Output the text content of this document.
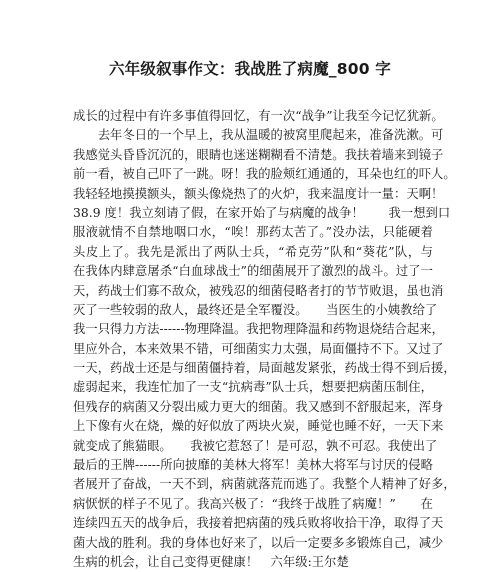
六年级叙事作文：我战胜了病魔_800 字
成长的过程中有许多事值得回忆，有一次“战争”让我至今记忆犹新。
　　去年冬日的一个早上，我从温暖的被窝里爬起来，准备洗漱。可
我感觉头昏昏沉沉的，眼睛也迷迷糊糊看不清楚。我扶着墙来到镜子
前一看，被自己吓了一跳。呀！我的脸颊红通通的，耳朵也红的吓人。
我轻轻地摸摸额头，额头像烧热了的火炉，我来温度计一量：天啊！
38.9 度！我立刻请了假，在家开始了与病魔的战争！　　我一想到口
服液就情不自禁地咽口水，“唉！那药太苦了。”没办法，只能硬着
头皮上了。我先是派出了两队士兵，“希克劳”队和“葵花”队，与
在我体内肆意屠杀“白血球战士”的细菌展开了激烈的战斗。过了一
天，药战士们寡不敌众，被残忍的细菌侵略者打的节节败退，虽也消
灭了一些较弱的敌人，最终还是全军覆没。　　当医生的小姨教给了
我一只得力方法------物理降温。我把物理降温和药物退烧结合起来，
里应外合，本来效果不错，可细菌实力太强，局面僵持不下。又过了
一天，药战士还是与细菌僵持着，局面越发紧张，药战士得不到后援，
虚弱起来，我连忙加了一支“抗病毒”队士兵，想要把病菌压制住，
但残存的病菌又分裂出威力更大的细菌。我又感到不舒服起来，浑身
上下像有火在烧，燥的好似放了两块火炭，睡觉也睡不好，一天下来
就变成了熊猫眼。　　我被它惹怒了！是可忍，孰不可忍。我使出了
最后的王牌------所向披靡的美林大将军！美林大将军与讨厌的侵略
者展开了奋战，一天不到，病菌就落荒而逃了。我整个人精神了好多，
病恹恹的样子不见了。我高兴极了：“我终于战胜了病魔！”　　在
连续四五天的战争后，我接着把病菌的残兵败将收拾干净，取得了天
菌大战的胜利。我的身体也好来了，以后一定要多多锻炼自己，减少
生病的机会，让自己变得更健康！　六年级:王尔楚
